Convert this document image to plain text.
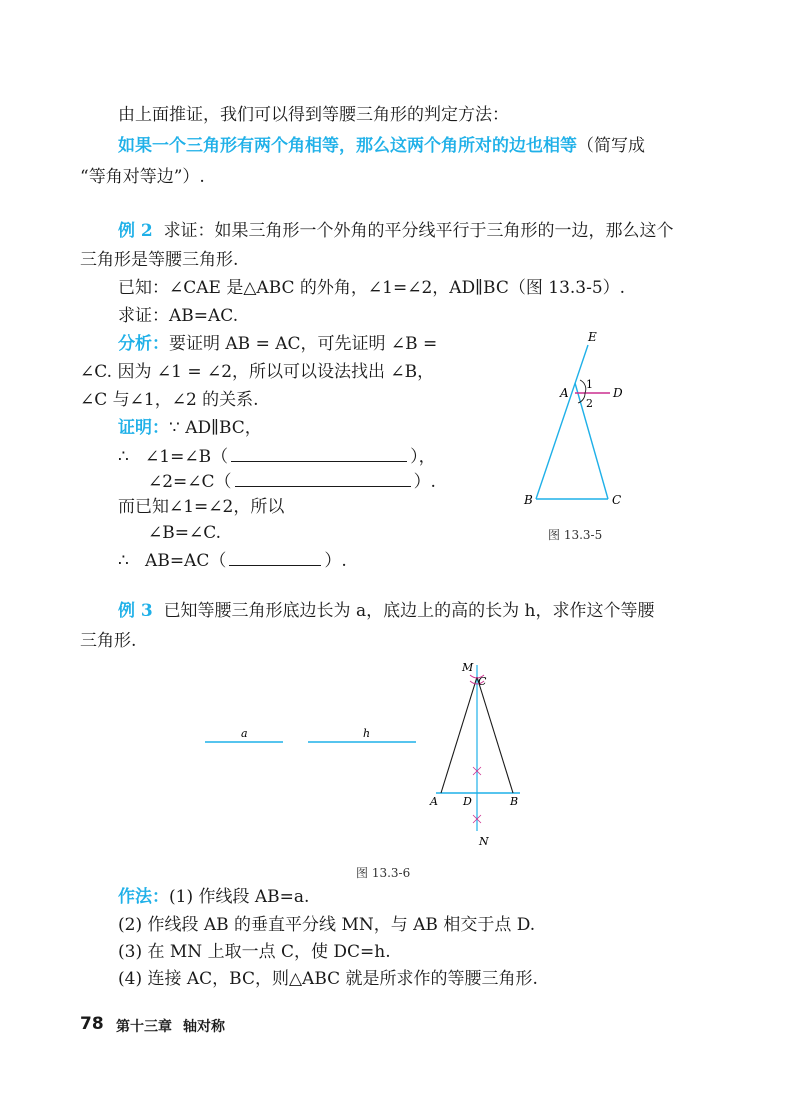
由上面推证，我们可以得到等腰三角形的判定方法：
如果一个三角形有两个角相等，那么这两个角所对的边也相等（简写成
“等角对等边”）.
例 2 求证：如果三角形一个外角的平分线平行于三角形的一边，那么这个
三角形是等腰三角形.
已知：∠CAE 是△ABC 的外角，∠1=∠2，AD∥BC（图 13.3-5）.
求证：AB=AC.
分析：要证明 AB = AC，可先证明 ∠B =
∠C. 因为 ∠1 = ∠2，所以可以设法找出 ∠B，
∠C 与∠1，∠2 的关系.
证明：∵ AD∥BC，
∴ ∠1=∠B（	），
∠2=∠C（	）.
而已知∠1=∠2，所以
∠B=∠C.
∴ AB=AC（	）.
E
A	D
1
2
B	C
图 13.3-5
例 3 已知等腰三角形底边长为 a，底边上的高的长为 h，求作这个等腰
三角形.
a	h
M
C
A D	B
N
图 13.3-6
作法：(1) 作线段 AB=a.
(2) 作线段 AB 的垂直平分线 MN，与 AB 相交于点 D.
(3) 在 MN 上取一点 C，使 DC=h.
(4) 连接 AC，BC，则△ABC 就是所求作的等腰三角形.
78 第十三章 轴对称
